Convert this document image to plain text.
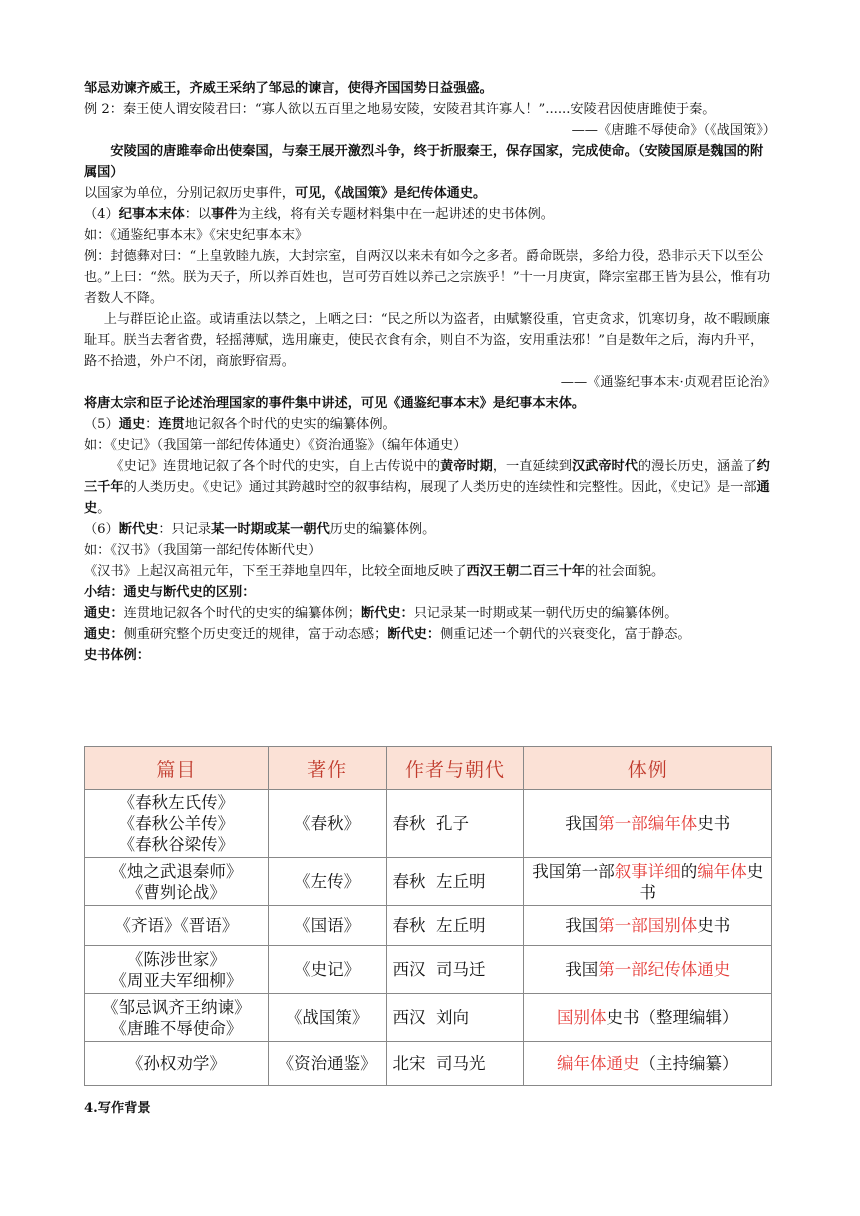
邹忌劝谏齐威王，齐威王采纳了邹忌的谏言，使得齐国国势日益强盛。

例 2：秦王使人谓安陵君曰：“寡人欲以五百里之地易安陵，安陵君其许寡人！”......安陵君因使唐雎使于秦。

——《唐雎不辱使命》（《战国策》）

安陵国的唐雎奉命出使秦国，与秦王展开激烈斗争，终于折服秦王，保存国家，完成使命。（安陵国原是魏国的附属国）

以国家为单位，分别记叙历史事件，可见，《战国策》是纪传体通史。

（4）纪事本末体：以事件为主线，将有关专题材料集中在一起讲述的史书体例。

如：《通鉴纪事本末》《宋史纪事本末》

例：封德彝对曰：“上皇敦睦九族，大封宗室，自两汉以来未有如今之多者。爵命既崇，多给力役，恐非示天下以至公也。”上曰：“然。朕为天子，所以养百姓也，岂可劳百姓以养己之宗族乎！”十一月庚寅，降宗室郡王皆为县公，惟有功者数人不降。

上与群臣论止盗。或请重法以禁之，上哂之曰：“民之所以为盗者，由赋繁役重，官吏贪求，饥寒切身，故不暇顾廉耻耳。朕当去奢省费，轻摇薄赋，选用廉吏，使民衣食有余，则自不为盗，安用重法邪！”自是数年之后，海内升平，路不拾遗，外户不闭，商旅野宿焉。

——《通鉴纪事本末·贞观君臣论治》

将唐太宗和臣子论述治理国家的事件集中讲述，可见《通鉴纪事本末》是纪事本末体。

（5）通史：连贯地记叙各个时代的史实的编纂体例。

如：《史记》（我国第一部纪传体通史）《资治通鉴》（编年体通史）

《史记》连贯地记叙了各个时代的史实，自上古传说中的黄帝时期，一直延续到汉武帝时代的漫长历史，涵盖了约三千年的人类历史。《史记》通过其跨越时空的叙事结构，展现了人类历史的连续性和完整性。因此，《史记》是一部通史。

（6）断代史：只记录某一时期或某一朝代历史的编纂体例。

如：《汉书》（我国第一部纪传体断代史）

《汉书》上起汉高祖元年，下至王莽地皇四年，比较全面地反映了西汉王朝二百三十年的社会面貌。

小结：通史与断代史的区别：

通史：连贯地记叙各个时代的史实的编纂体例；断代史：只记录某一时期或某一朝代历史的编纂体例。

通史：侧重研究整个历史变迁的规律，富于动态感；断代史：侧重记述一个朝代的兴衰变化，富于静态。

史书体例：

篇目	著作	作者与朝代	体例

《春秋左氏传》
《春秋公羊传》
《春秋谷梁传》	《春秋》	春秋  孔子	我国第一部编年体史书

《烛之武退秦师》
《曹刿论战》	《左传》	春秋  左丘明	我国第一部叙事详细的编年体史书

《齐语》《晋语》	《国语》	春秋  左丘明	我国第一部国别体史书

《陈涉世家》
《周亚夫军细柳》	《史记》	西汉  司马迁	我国第一部纪传体通史

《邹忌讽齐王纳谏》
《唐雎不辱使命》	《战国策》	西汉  刘向	国别体史书（整理编辑）

《孙权劝学》	《资治通鉴》	北宋  司马光	编年体通史（主持编纂）
4.写作背景
